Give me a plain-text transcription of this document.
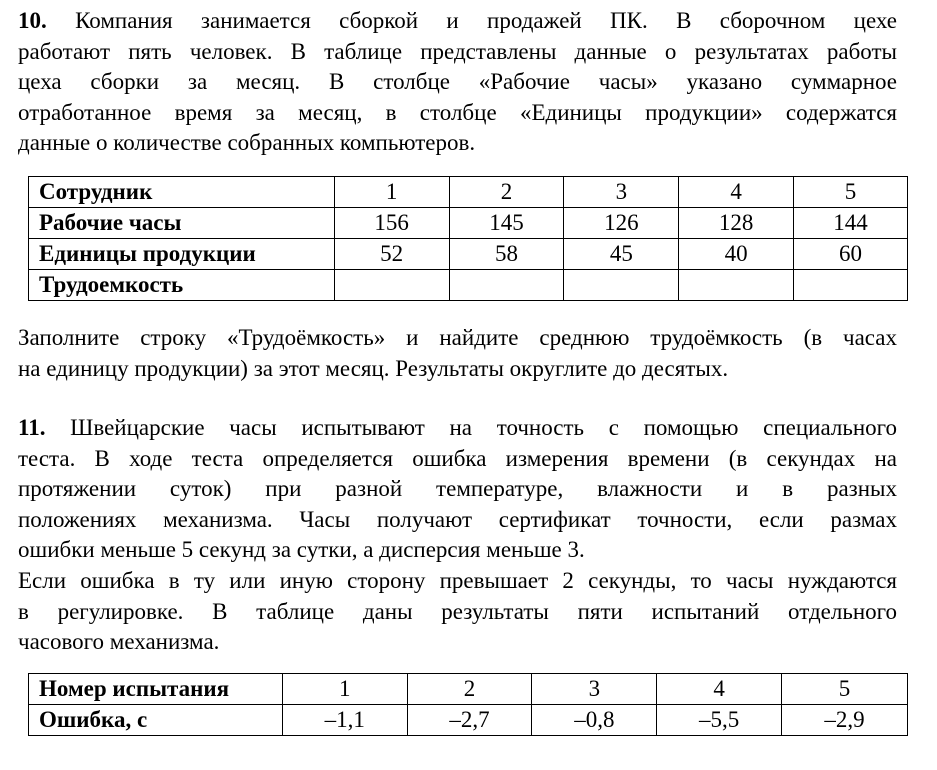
10. Компания занимается сборкой и продажей ПК. В сборочном цехе
работают пять человек. В таблице представлены данные о результатах работы
цеха сборки за месяц. В столбце «Рабочие часы» указано суммарное
отработанное время за месяц, в столбце «Единицы продукции» содержатся
данные о количестве собранных компьютеров.
Сотрудник	1	2	3	4	5
Рабочие часы	156	145	126	128	144
Единицы продукции	52	58	45	40	60
Трудоемкость					
Заполните строку «Трудоёмкость» и найдите среднюю трудоёмкость (в часах
на единицу продукции) за этот месяц. Результаты округлите до десятых.
11. Швейцарские часы испытывают на точность с помощью специального
теста. В ходе теста определяется ошибка измерения времени (в секундах на
протяжении суток) при разной температуре, влажности и в разных
положениях механизма. Часы получают сертификат точности, если размах
ошибки меньше 5 секунд за сутки, а дисперсия меньше 3.
Если ошибка в ту или иную сторону превышает 2 секунды, то часы нуждаются
в регулировке. В таблице даны результаты пяти испытаний отдельного
часового механизма.
Номер испытания	1	2	3	4	5
Ошибка, с	–1,1	–2,7	–0,8	–5,5	–2,9
